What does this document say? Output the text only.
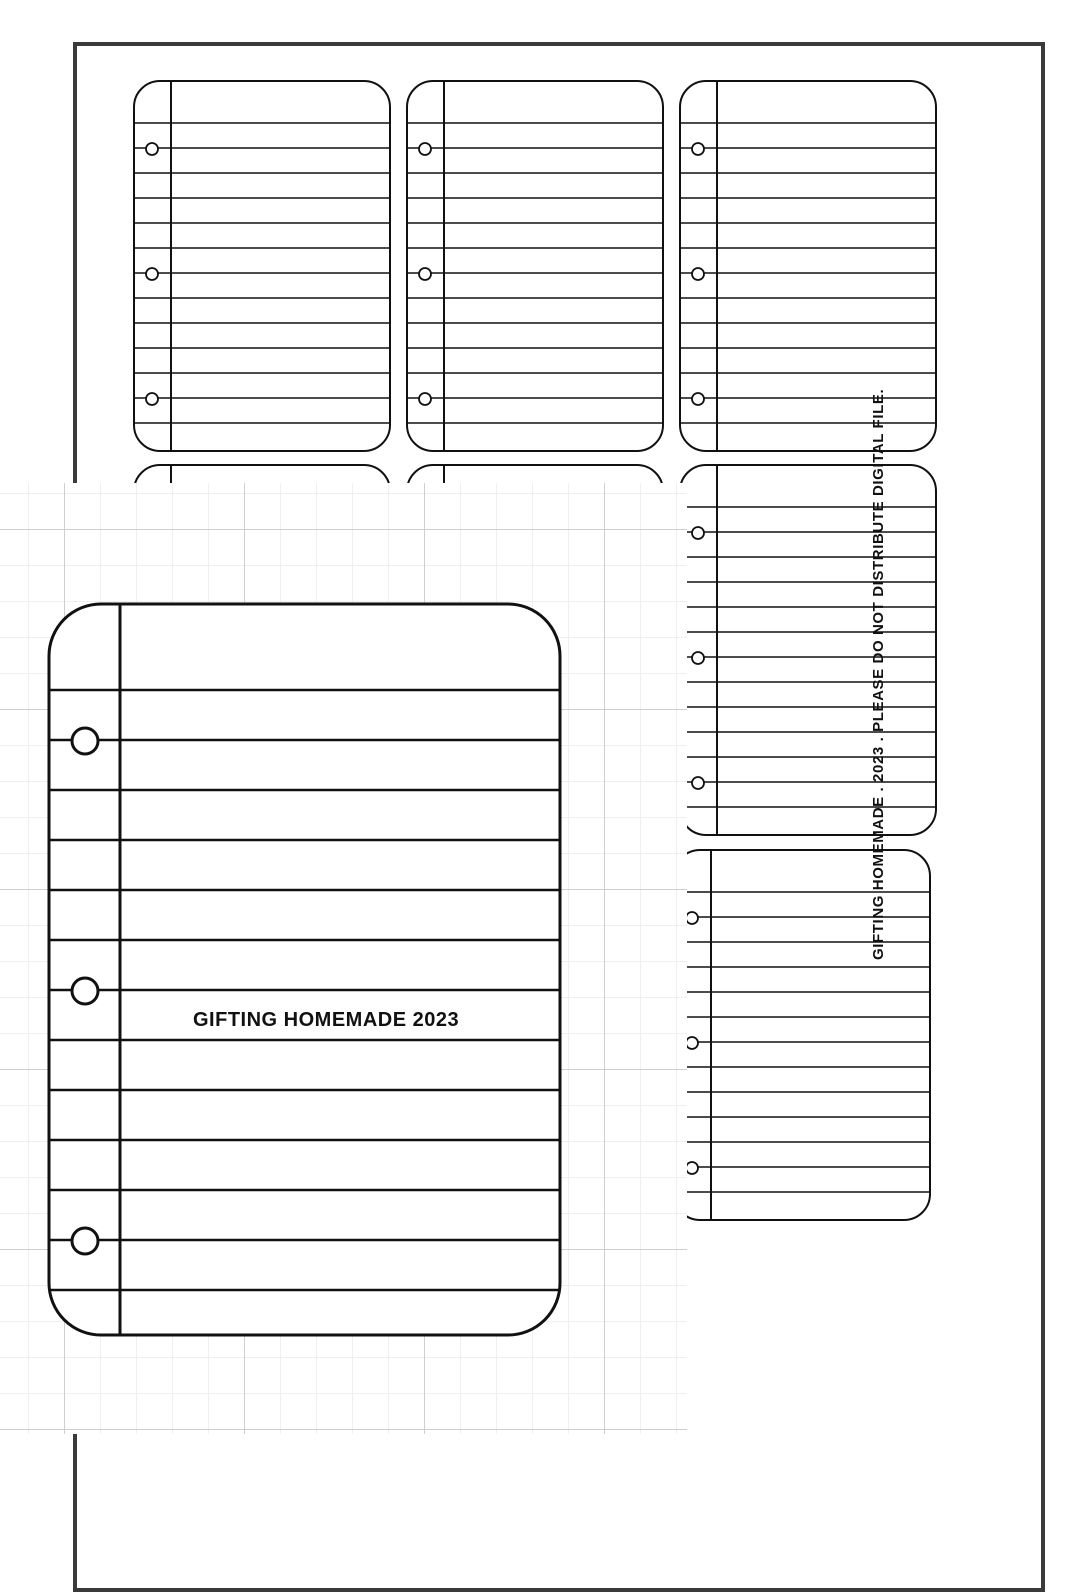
GIFTING HOMEMADE . 2023 . PLEASE DO NOT DISTRIBUTE DIGITAL FILE.
GIFTING HOMEMADE 2023
